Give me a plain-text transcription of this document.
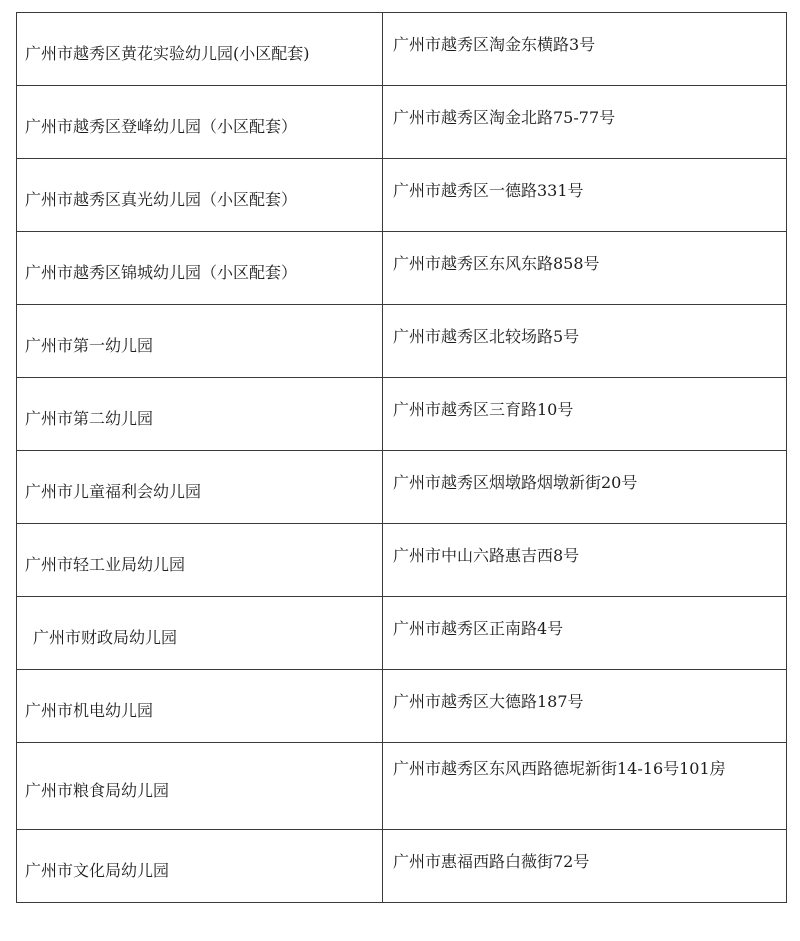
广州市越秀区黄花实验幼儿园(小区配套)	广州市越秀区淘金东横路3号

广州市越秀区登峰幼儿园（小区配套）	广州市越秀区淘金北路75-77号

广州市越秀区真光幼儿园（小区配套）	广州市越秀区一德路331号

广州市越秀区锦城幼儿园（小区配套）	广州市越秀区东风东路858号

广州市第一幼儿园	广州市越秀区北较场路5号

广州市第二幼儿园	广州市越秀区三育路10号

广州市儿童福利会幼儿园	广州市越秀区烟墩路烟墩新街20号

广州市轻工业局幼儿园	广州市中山六路惠吉西8号

广州市财政局幼儿园	广州市越秀区正南路4号

广州市机电幼儿园	广州市越秀区大德路187号

广州市粮食局幼儿园	广州市越秀区东风西路德坭新街14-16号101房

广州市文化局幼儿园	广州市惠福西路白薇街72号
